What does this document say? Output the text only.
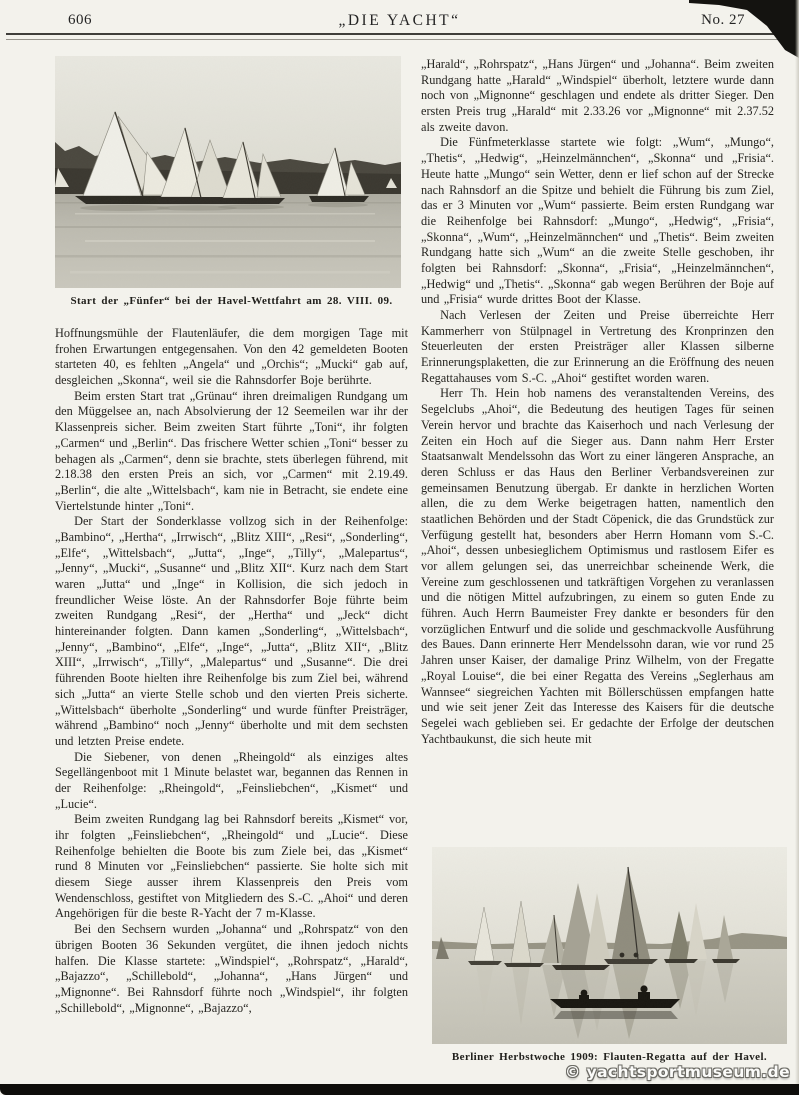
606	„DIE YACHT“	No. 27
Start der „Fünfer“ bei der Havel-Wettfahrt am 28. VIII. 09.

Hoffnungsmühle der Flautenläufer, die dem morgigen Tage mit frohen Erwartungen entgegensahen. Von den 42 gemeldeten Booten starteten 40, es fehlten „Angela“ und „Orchis“; „Mucki“ gab auf, desgleichen „Skonna“, weil sie die Rahnsdorfer Boje berührte.

Beim ersten Start trat „Grünau“ ihren dreimaligen Rundgang um den Müggelsee an, nach Absolvierung der 12 Seemeilen war ihr der Klassenpreis sicher. Beim zweiten Start führte „Toni“, ihr folgten „Carmen“ und „Berlin“. Das frischere Wetter schien „Toni“ besser zu behagen als „Carmen“, denn sie brachte, stets überlegen führend, mit 2.18.38 den ersten Preis an sich, vor „Carmen“ mit 2.19.49. „Berlin“, die alte „Wittelsbach“, kam nie in Betracht, sie endete eine Viertelstunde hinter „Toni“.

Der Start der Sonderklasse vollzog sich in der Reihenfolge: „Bambino“, „Hertha“, „Irrwisch“, „Blitz XIII“, „Resi“, „Sonderling“, „Elfe“, „Wittelsbach“, „Jutta“, „Inge“, „Tilly“, „Malepartus“, „Jenny“, „Mucki“, „Susanne“ und „Blitz XII“. Kurz nach dem Start waren „Jutta“ und „Inge“ in Kollision, die sich jedoch in freundlicher Weise löste. An der Rahnsdorfer Boje führte beim zweiten Rundgang „Resi“, der „Hertha“ und „Jeck“ dicht hintereinander folgten. Dann kamen „Sonderling“, „Wittelsbach“, „Jenny“, „Bambino“, „Elfe“, „Inge“, „Jutta“, „Blitz XII“, „Blitz XIII“, „Irrwisch“, „Tilly“, „Malepartus“ und „Susanne“. Die drei führenden Boote hielten ihre Reihenfolge bis zum Ziel bei, während sich „Jutta“ an vierte Stelle schob und den vierten Preis sicherte. „Wittelsbach“ überholte „Sonderling“ und wurde fünfter Preisträger, während „Bambino“ noch „Jenny“ überholte und mit dem sechsten und letzten Preise endete.

Die Siebener, von denen „Rheingold“ als einziges altes Segellängenboot mit 1 Minute belastet war, begannen das Rennen in der Reihenfolge: „Rheingold“, „Feinsliebchen“, „Kismet“ und „Lucie“.

Beim zweiten Rundgang lag bei Rahnsdorf bereits „Kismet“ vor, ihr folgten „Feinsliebchen“, „Rheingold“ und „Lucie“. Diese Reihenfolge behielten die Boote bis zum Ziele bei, das „Kismet“ rund 8 Minuten vor „Feinsliebchen“ passierte. Sie holte sich mit diesem Siege ausser ihrem Klassenpreis den Preis vom Wendenschloss, gestiftet von Mitgliedern des S.-C. „Ahoi“ und deren Angehörigen für die beste R-Yacht der 7 m-Klasse.

Bei den Sechsern wurden „Johanna“ und „Rohrspatz“ von den übrigen Booten 36 Sekunden vergütet, die ihnen jedoch nichts halfen. Die Klasse startete: „Windspiel“, „Rohrspatz“, „Harald“, „Bajazzo“, „Schillebold“, „Johanna“, „Hans Jürgen“ und „Mignonne“. Bei Rahnsdorf führte noch „Windspiel“, ihr folgten „Schillebold“, „Mignonne“, „Bajazzo“,

„Harald“, „Rohrspatz“, „Hans Jürgen“ und „Johanna“. Beim zweiten Rundgang hatte „Harald“ „Windspiel“ überholt, letztere wurde dann noch von „Mignonne“ geschlagen und endete als dritter Sieger. Den ersten Preis trug „Harald“ mit 2.33.26 vor „Mignonne“ mit 2.37.52 als zweite davon.

Die Fünfmeterklasse startete wie folgt: „Wum“, „Mungo“, „Thetis“, „Hedwig“, „Heinzelmännchen“, „Skonna“ und „Frisia“. Heute hatte „Mungo“ sein Wetter, denn er lief schon auf der Strecke nach Rahnsdorf an die Spitze und behielt die Führung bis zum Ziel, das er 3 Minuten vor „Wum“ passierte. Beim ersten Rundgang war die Reihenfolge bei Rahnsdorf: „Mungo“, „Hedwig“, „Frisia“, „Skonna“, „Wum“, „Heinzelmännchen“ und „Thetis“. Beim zweiten Rundgang hatte sich „Wum“ an die zweite Stelle geschoben, ihr folgten bei Rahnsdorf: „Skonna“, „Frisia“, „Heinzelmännchen“, „Hedwig“ und „Thetis“. „Skonna“ gab wegen Berühren der Boje auf und „Frisia“ wurde drittes Boot der Klasse.

Nach Verlesen der Zeiten und Preise überreichte Herr Kammerherr von Stülpnagel in Vertretung des Kronprinzen den Steuerleuten der ersten Preisträger aller Klassen silberne Erinnerungsplaketten, die zur Erinnerung an die Eröffnung des neuen Regattahauses vom S.-C. „Ahoi“ gestiftet worden waren.

Herr Th. Hein hob namens des veranstaltenden Vereins, des Segelclubs „Ahoi“, die Bedeutung des heutigen Tages für seinen Verein hervor und brachte das Kaiserhoch und nach Verlesung der Zeiten ein Hoch auf die Sieger aus. Dann nahm Herr Erster Staatsanwalt Mendelssohn das Wort zu einer längeren Ansprache, an deren Schluss er das Haus den Berliner Verbandsvereinen zur gemeinsamen Benutzung übergab. Er dankte in herzlichen Worten allen, die zu dem Werke beigetragen hatten, namentlich den staatlichen Behörden und der Stadt Cöpenick, die das Grundstück zur Verfügung gestellt hat, besonders aber Herrn Homann vom S.-C. „Ahoi“, dessen unbesieglichem Optimismus und rastlosem Eifer es vor allem gelungen sei, das unerreichbar scheinende Werk, die Vereine zum geschlossenen und tatkräftigen Vorgehen zu veranlassen und die nötigen Mittel aufzubringen, zu einem so guten Ende zu führen. Auch Herrn Baumeister Frey dankte er besonders für den vorzüglichen Entwurf und die solide und geschmackvolle Ausführung des Baues. Dann erinnerte Herr Mendelssohn daran, wie vor rund 25 Jahren unser Kaiser, der damalige Prinz Wilhelm, von der Fregatte „Royal Louise“, die bei einer Regatta des Vereins „Seglerhaus am Wannsee“ siegreichen Yachten mit Böllerschüssen empfangen hatte und wie seit jener Zeit das Interesse des Kaisers für die deutsche Segelei wach geblieben sei. Er gedachte der Erfolge der deutschen Yachtbaukunst, die sich heute mit

Berliner Herbstwoche 1909: Flauten-Regatta auf der Havel.
© yachtsportmuseum.de
